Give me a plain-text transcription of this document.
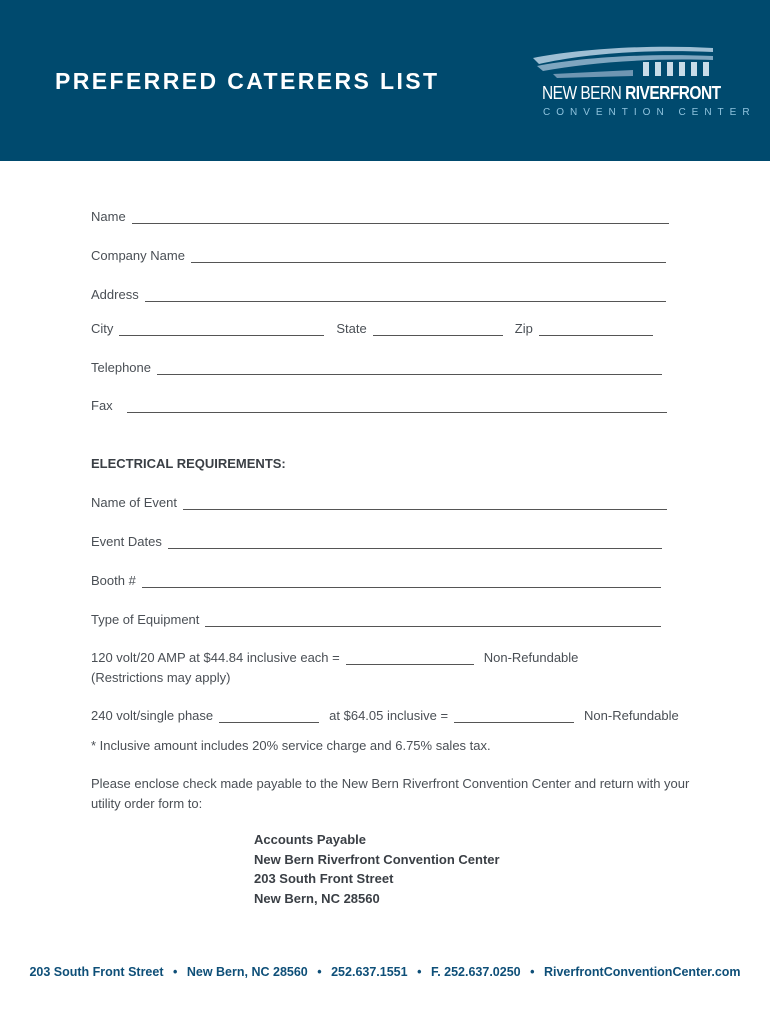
PREFERRED CATERERS LIST	NEW BERN RIVERFRONT
CONVENTION CENTER
Name
Company Name
Address
City	State	Zip
Telephone
Fax
ELECTRICAL REQUIREMENTS:
Name of Event
Event Dates
Booth #
Type of Equipment
120 volt/20 AMP at $44.84 inclusive each =	Non-Refundable
(Restrictions may apply)
240 volt/single phase	at $64.05 inclusive =	Non-Refundable
* Inclusive amount includes 20% service charge and 6.75% sales tax.
Please enclose check made payable to the New Bern Riverfront Convention Center and return with your
utility order form to:
Accounts Payable
New Bern Riverfront Convention Center
203 South Front Street
New Bern, NC 28560
203 South Front Street • New Bern, NC 28560 • 252.637.1551 • F. 252.637.0250 • RiverfrontConventionCenter.com
